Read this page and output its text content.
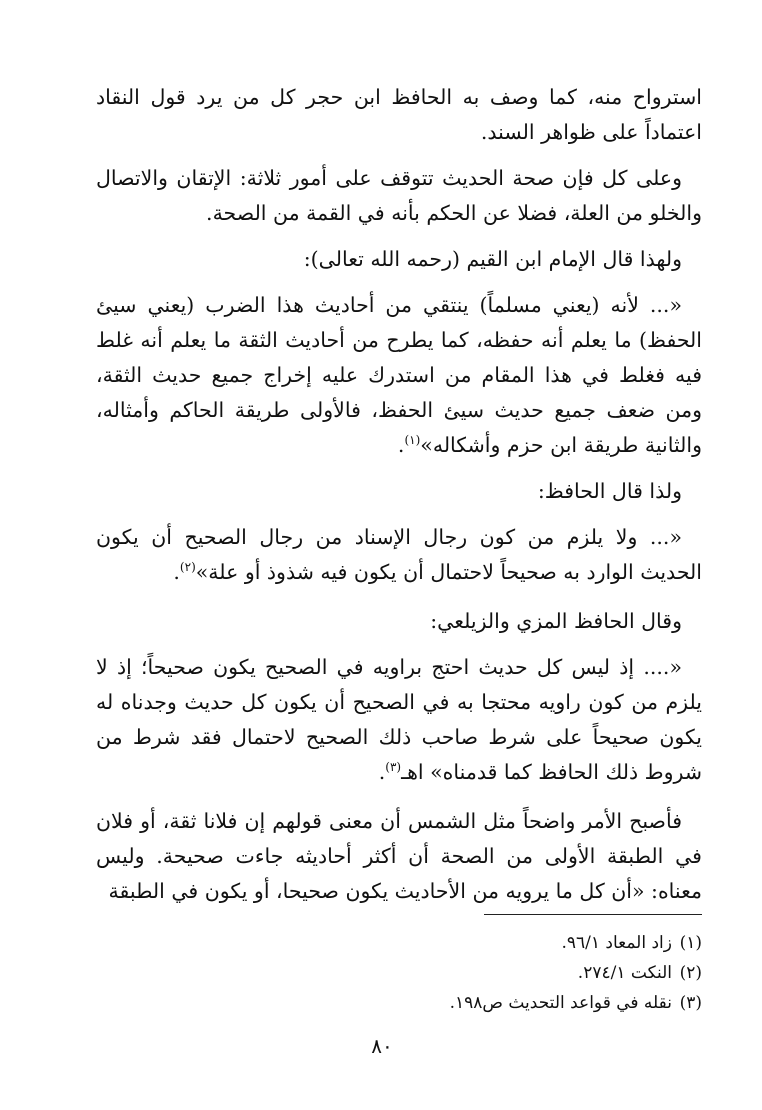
استرواح منه، كما وصف به الحافظ ابن حجر كل من يرد قول النقاد اعتماداً على ظواهر السند.

وعلى كل فإن صحة الحديث تتوقف على أمور ثلاثة: الإتقان والاتصال والخلو من العلة، فضلا عن الحكم بأنه في القمة من الصحة.

ولهذا قال الإمام ابن القيم (رحمه الله تعالى):

«... لأنه (يعني مسلماً) ينتقي من أحاديث هذا الضرب (يعني سيئ الحفظ) ما يعلم أنه حفظه، كما يطرح من أحاديث الثقة ما يعلم أنه غلط فيه فغلط في هذا المقام من استدرك عليه إخراج جميع حديث الثقة، ومن ضعف جميع حديث سيئ الحفظ، فالأولى طريقة الحاكم وأمثاله، والثانية طريقة ابن حزم وأشكاله»$^{(١)}$.

ولذا قال الحافظ:

«... ولا يلزم من كون رجال الإسناد من رجال الصحيح أن يكون الحديث الوارد به صحيحاً لاحتمال أن يكون فيه شذوذ أو علة»$^{(٢)}$.

وقال الحافظ المزي والزيلعي:

«.... إذ ليس كل حديث احتج براويه في الصحيح يكون صحيحاً؛ إذ لا يلزم من كون راويه محتجا به في الصحيح أن يكون كل حديث وجدناه له يكون صحيحاً على شرط صاحب ذلك الصحيح لاحتمال فقد شرط من شروط ذلك الحافظ كما قدمناه» اهـ$^{(٣)}$.

فأصبح الأمر واضحاً مثل الشمس أن معنى قولهم إن فلانا ثقة، أو فلان في الطبقة الأولى من الصحة أن أكثر أحاديثه جاءت صحيحة. وليس معناه: «أن كل ما يرويه من الأحاديث يكون صحيحا، أو يكون في الطبقة

(١)
زاد المعاد ٩٦/١.
(٢)
النكت ٢٧٤/١.
(٣)
نقله في قواعد التحديث ص١٩٨.
٨٠
